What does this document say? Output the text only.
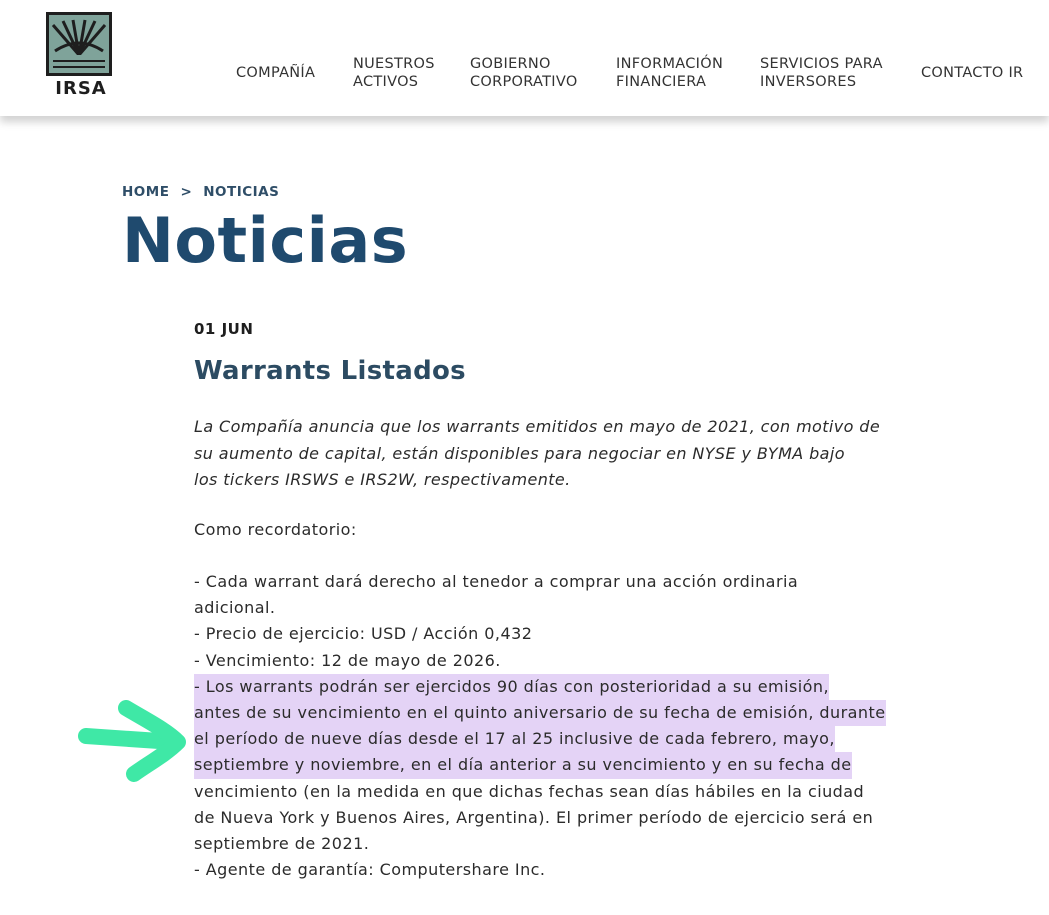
IRSA
COMPAÑÍA
NUESTROS
ACTIVOS
GOBIERNO
CORPORATIVO
INFORMACIÓN
FINANCIERA
SERVICIOS PARA
INVERSORES
CONTACTO IR
HOME > NOTICIAS
Noticias
01 JUN
Warrants Listados
La Compañía anuncia que los warrants emitidos en mayo de 2021, con motivo de
su aumento de capital, están disponibles para negociar en NYSE y BYMA bajo
los tickers IRSWS e IRS2W, respectivamente.
Como recordatorio:
- Cada warrant dará derecho al tenedor a comprar una acción ordinaria
adicional.
- Precio de ejercicio: USD / Acción 0,432
- Vencimiento: 12 de mayo de 2026.
- Los warrants podrán ser ejercidos 90 días con posterioridad a su emisión, antes de su vencimiento en el quinto aniversario de su fecha de emisión, durante el período de nueve días desde el 17 al 25 inclusive de cada febrero, mayo, septiembre y noviembre, en el día anterior a su vencimiento y en su fecha de
vencimiento (en la medida en que dichas fechas sean días hábiles en la ciudad
de Nueva York y Buenos Aires, Argentina). El primer período de ejercicio será en
septiembre de 2021.
- Agente de garantía: Computershare Inc.
